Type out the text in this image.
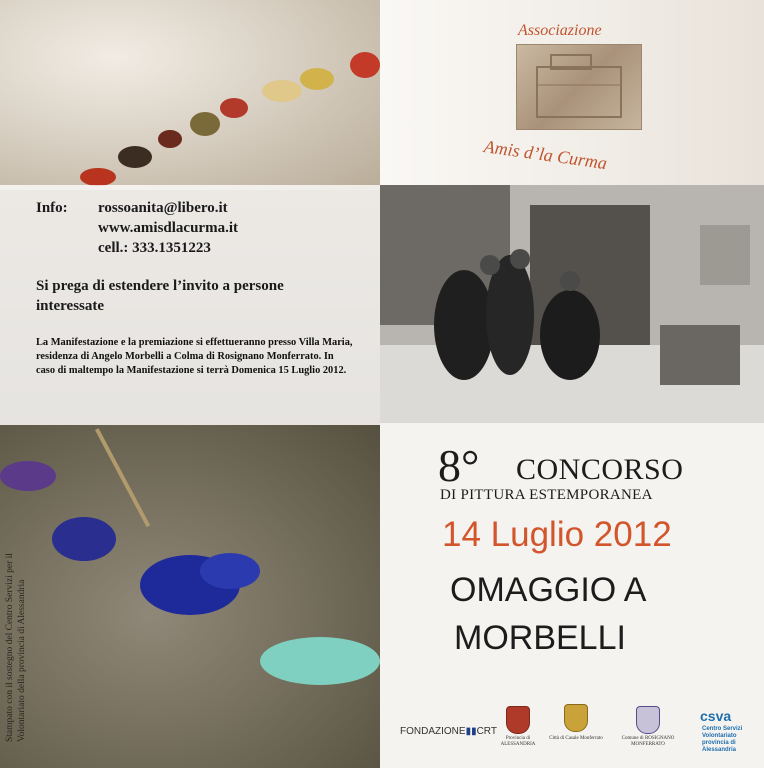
Info:	rossoanita@libero.it
www.amisdlacurma.it
cell.: 333.1351223
Si prega di estendere l’invito a persone interessate
La Manifestazione e la premiazione si effettueranno presso Villa Maria, residenza di Angelo Morbelli a Colma di Rosignano Monferrato. In caso di maltempo la Manifestazione si terrà Domenica 15 Luglio 2012.
Stampato con il sostegno del Centro Servizi per il Volontariato della provincia di Alessandria
Associazione
Amis d’la Curma
8° CONCORSO
DI PITTURA ESTEMPORANEA
14 Luglio 2012
OMAGGIO A
MORBELLI
FONDAZIONE▮▮CRT
Provincia di ALESSANDRIA
Città di Casale Monferrato	Comune di ROSIGNANO MONFERRATO
csva
Centro Servizi Volontariato provincia di Alessandria
